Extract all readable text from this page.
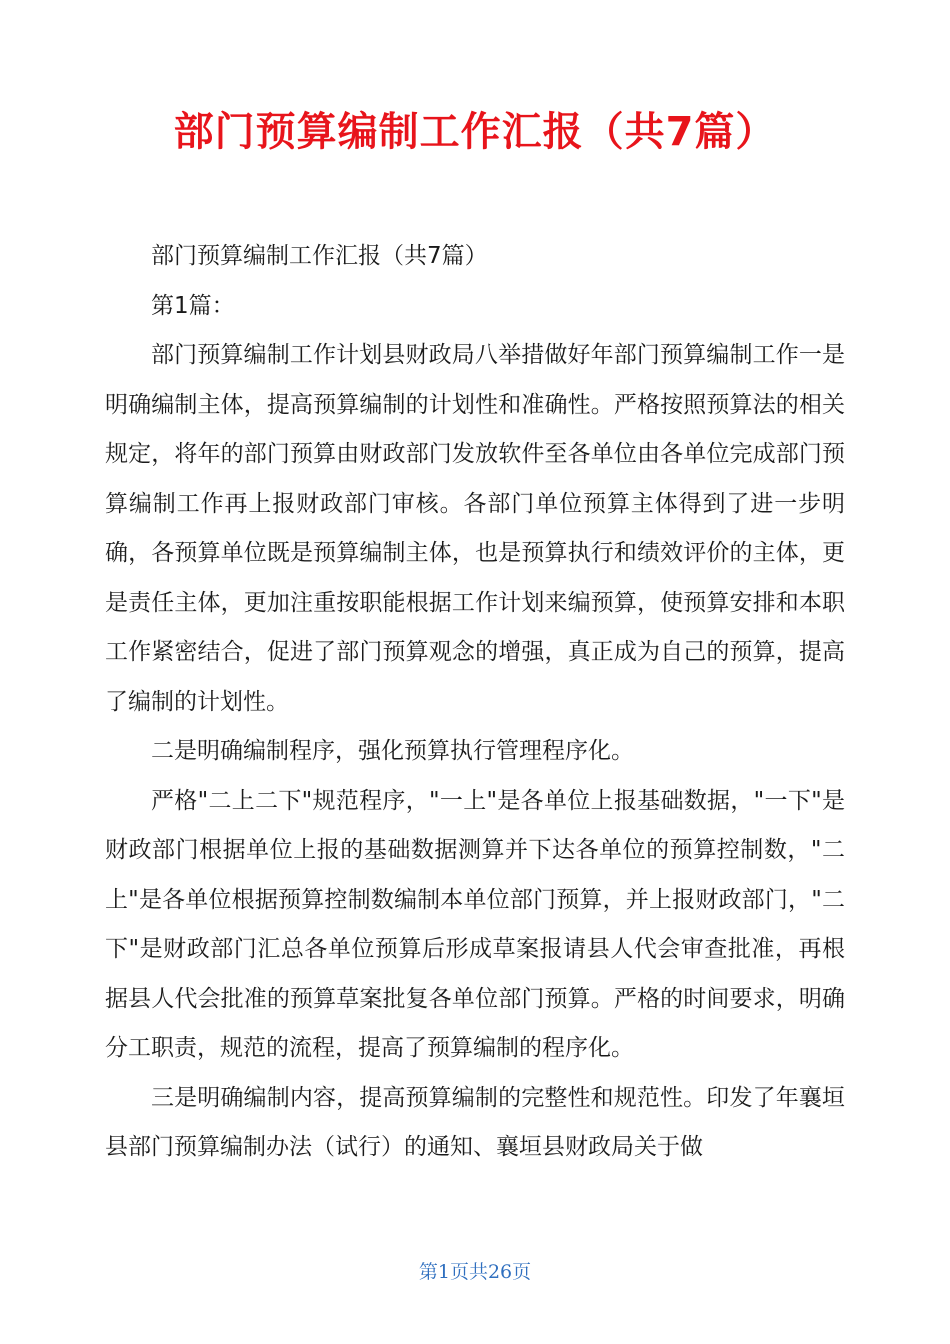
部门预算编制工作汇报（共7篇）

部门预算编制工作汇报（共7篇）

第1篇：

部门预算编制工作计划县财政局八举措做好年部门预算编制工作一是明确编制主体，提高预算编制的计划性和准确性。严格按照预算法的相关规定，将年的部门预算由财政部门发放软件至各单位由各单位完成部门预算编制工作再上报财政部门审核。各部门单位预算主体得到了进一步明确，各预算单位既是预算编制主体，也是预算执行和绩效评价的主体，更是责任主体，更加注重按职能根据工作计划来编预算，使预算安排和本职工作紧密结合，促进了部门预算观念的增强，真正成为自己的预算，提高了编制的计划性。

二是明确编制程序，强化预算执行管理程序化。

严格"二上二下"规范程序，"一上"是各单位上报基础数据，"一下"是财政部门根据单位上报的基础数据测算并下达各单位的预算控制数，"二上"是各单位根据预算控制数编制本单位部门预算，并上报财政部门，"二下"是财政部门汇总各单位预算后形成草案报请县人代会审查批准，再根据县人代会批准的预算草案批复各单位部门预算。严格的时间要求，明确分工职责，规范的流程，提高了预算编制的程序化。

三是明确编制内容，提高预算编制的完整性和规范性。印发了年襄垣县部门预算编制办法（试行）的通知、襄垣县财政局关于做

第1页共26页
